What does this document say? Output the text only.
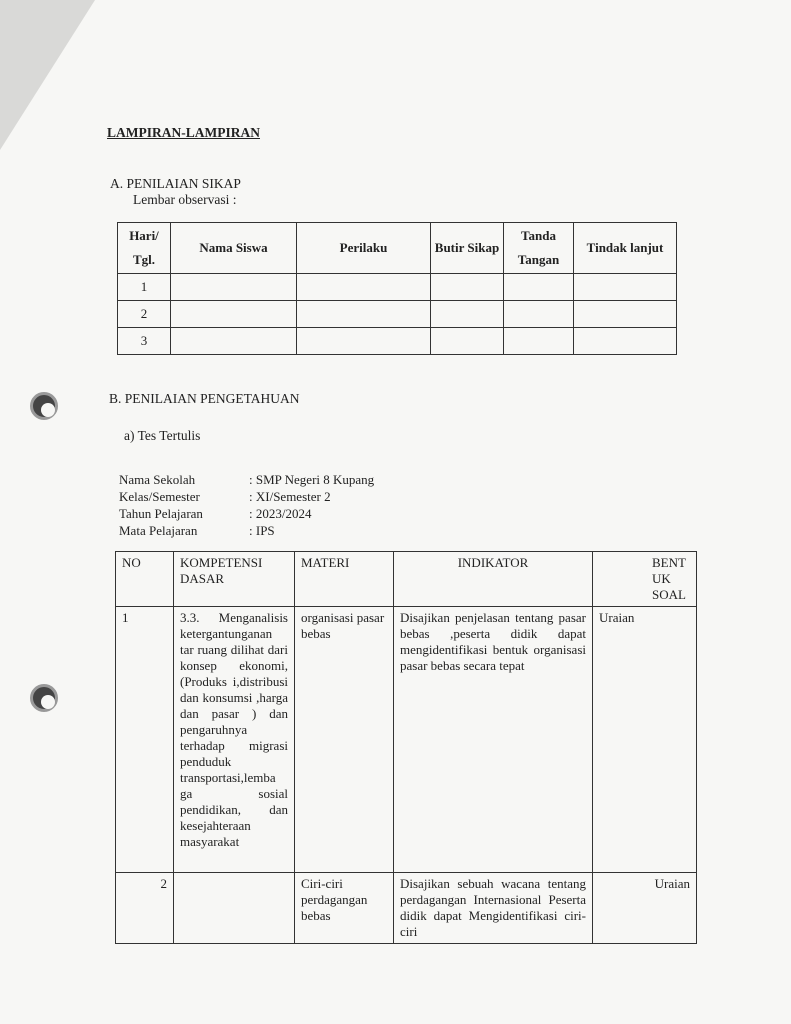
LAMPIRAN-LAMPIRAN
A. PENILAIAN SIKAP
Lembar observasi :
Hari/ Tgl.	Nama Siswa	Perilaku	Butir Sikap	Tanda Tangan	Tindak lanjut
1					
2					
3					
B. PENILAIAN PENGETAHUAN
a) Tes Tertulis
Nama Sekolah	: SMP Negeri 8 Kupang
Kelas/Semester	: XI/Semester 2
Tahun Pelajaran	: 2023/2024
Mata Pelajaran	: IPS
NO	KOMPETENSI DASAR	MATERI	INDIKATOR	BENT UK SOAL

1	3.3. Menganalisis ketergantunganan tar ruang dilihat dari konsep ekonomi,(Produks i,distribusi dan konsumsi ,harga dan pasar ) dan pengaruhnya terhadap migrasi penduduk transportasi,lemba ga sosial pendidikan, dan kesejahteraan masyarakat	organisasi pasar bebas	Disajikan penjelasan tentang pasar bebas ,peserta didik dapat mengidentifikasi bentuk organisasi pasar bebas secara tepat	Uraian
2		Ciri-ciri perdagangan bebas	Disajikan sebuah wacana tentang perdagangan Internasional Peserta didik dapat Mengidentifikasi ciri-ciri	Uraian
